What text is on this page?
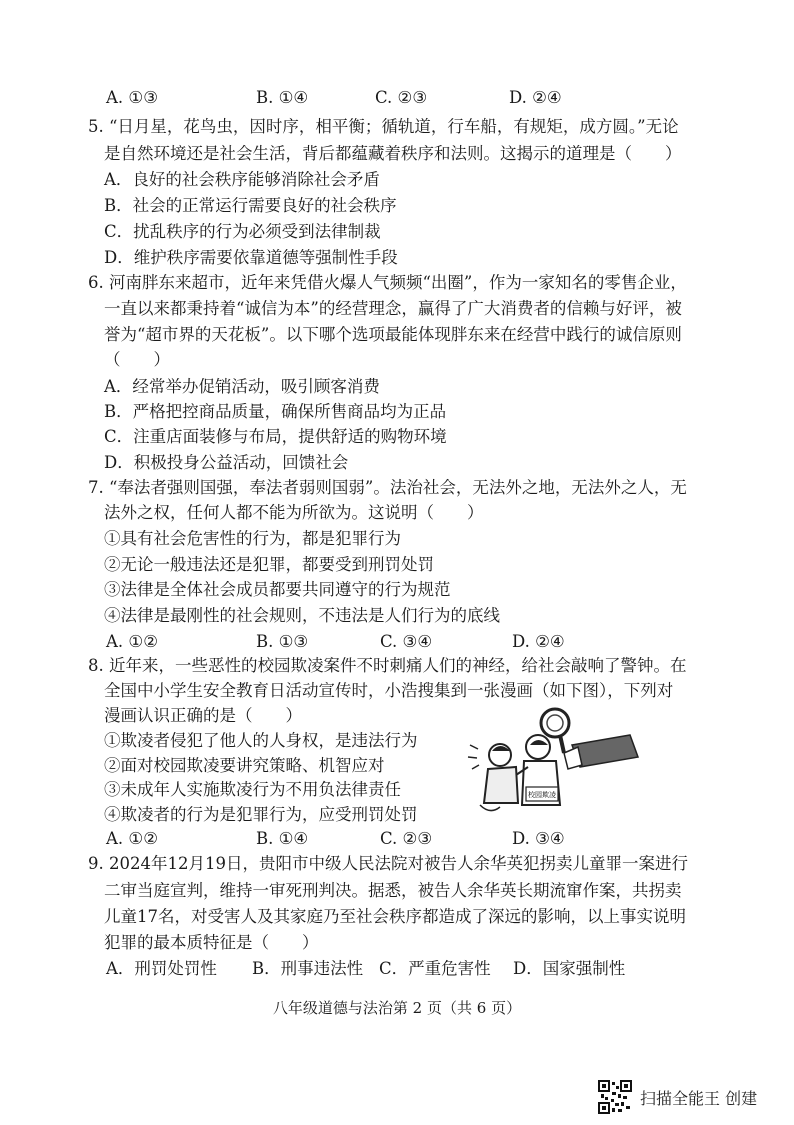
A. ①③	B. ①④	C. ②③	D. ②④
5. “日月星，花鸟虫，因时序，相平衡；循轨道，行车船，有规矩，成方圆。”无论
是自然环境还是社会生活，背后都蕴藏着秩序和法则。这揭示的道理是（　　）
A．良好的社会秩序能够消除社会矛盾
B．社会的正常运行需要良好的社会秩序
C．扰乱秩序的行为必须受到法律制裁
D．维护秩序需要依靠道德等强制性手段
6. 河南胖东来超市，近年来凭借火爆人气频频“出圈”，作为一家知名的零售企业，
一直以来都秉持着“诚信为本”的经营理念，赢得了广大消费者的信赖与好评，被
誉为“超市界的天花板”。以下哪个选项最能体现胖东来在经营中践行的诚信原则
（　　）
A．经常举办促销活动，吸引顾客消费
B．严格把控商品质量，确保所售商品均为正品
C．注重店面装修与布局，提供舒适的购物环境
D．积极投身公益活动，回馈社会
7. “奉法者强则国强，奉法者弱则国弱”。法治社会，无法外之地，无法外之人，无
法外之权，任何人都不能为所欲为。这说明（　　）
①具有社会危害性的行为，都是犯罪行为
②无论一般违法还是犯罪，都要受到刑罚处罚
③法律是全体社会成员都要共同遵守的行为规范
④法律是最刚性的社会规则，不违法是人们行为的底线
A. ①②	B. ①③	C. ③④	D. ②④
8. 近年来，一些恶性的校园欺凌案件不时刺痛人们的神经，给社会敲响了警钟。在
全国中小学生安全教育日活动宣传时，小浩搜集到一张漫画（如下图），下列对
漫画认识正确的是（　　）
①欺凌者侵犯了他人的人身权，是违法行为
②面对校园欺凌要讲究策略、机智应对
③未成年人实施欺凌行为不用负法律责任
④欺凌者的行为是犯罪行为，应受刑罚处罚
A. ①②	B. ①④	C. ②③	D. ③④
校园欺凌
9. 2024年12月19日，贵阳市中级人民法院对被告人余华英犯拐卖儿童罪一案进行
二审当庭宣判，维持一审死刑判决。据悉，被告人余华英长期流窜作案，共拐卖
儿童17名，对受害人及其家庭乃至社会秩序都造成了深远的影响，以上事实说明
犯罪的最本质特征是（　　）
A．刑罚处罚性 B．刑事违法性 C．严重危害性 D．国家强制性
八年级道德与法治第 2 页（共 6 页）
扫描全能王 创建
